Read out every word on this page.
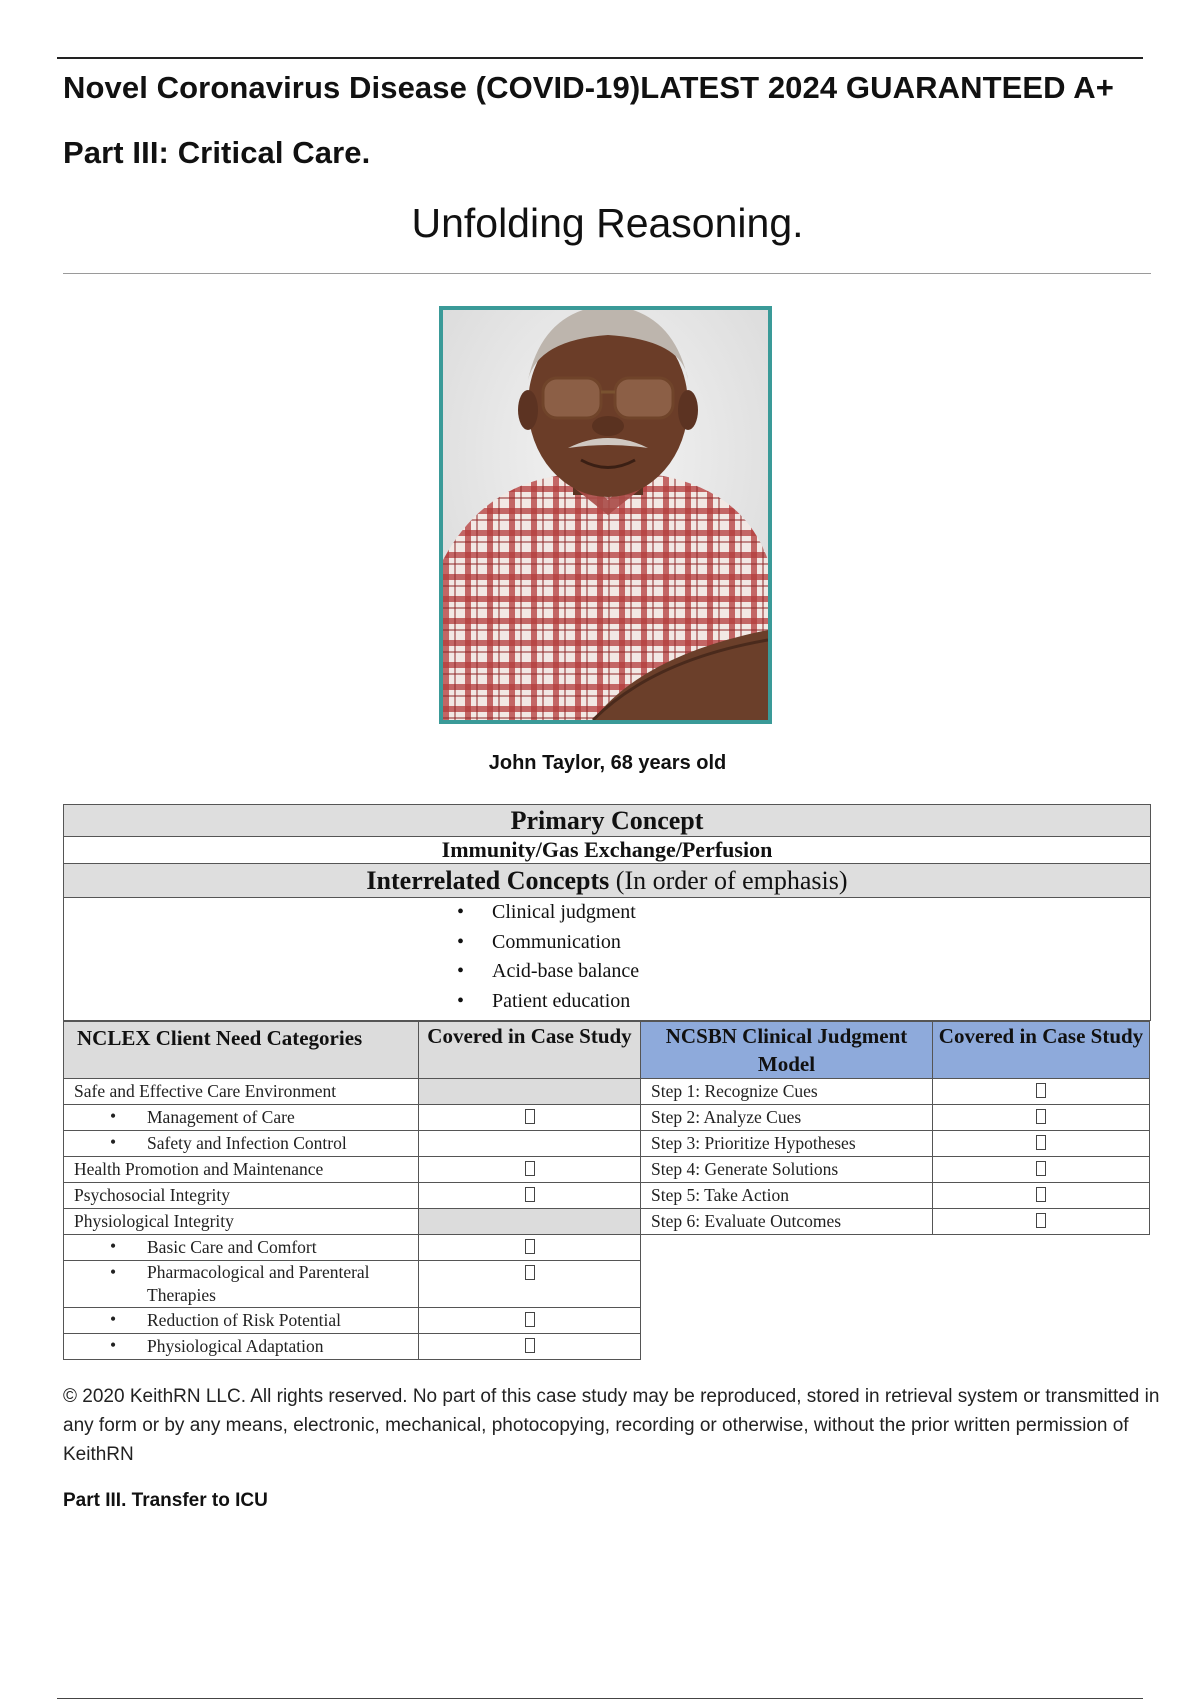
Novel Coronavirus Disease (COVID-19)LATEST 2024 GUARANTEED A+
Part III: Critical Care.
Unfolding Reasoning.
John Taylor, 68 years old
Primary Concept
Immunity/Gas Exchange/Perfusion
Interrelated Concepts (In order of emphasis)
• Clinical judgment
• Communication
• Acid-base balance
• Patient education
NCLEX Client Need Categories	Covered in Case Study	NCSBN Clinical Judgment Model	Covered in Case Study
Safe and Effective Care Environment		Step 1: Recognize Cues	

• Management of Care		Step 2: Analyze Cues	

• Safety and Infection Control		Step 3: Prioritize Hypotheses	
Health Promotion and Maintenance		Step 4: Generate Solutions	
Psychosocial Integrity		Step 5: Take Action	
Physiological Integrity		Step 6: Evaluate Outcomes	

• Basic Care and Comfort			

• Pharmacological and Parenteral Therapies			

• Reduction of Risk Potential			

• Physiological Adaptation			
© 2020 KeithRN LLC. All rights reserved. No part of this case study may be reproduced, stored in retrieval system or transmitted in any form or by any means, electronic, mechanical, photocopying, recording or otherwise, without the prior written permission of KeithRN
Part III. Transfer to ICU
